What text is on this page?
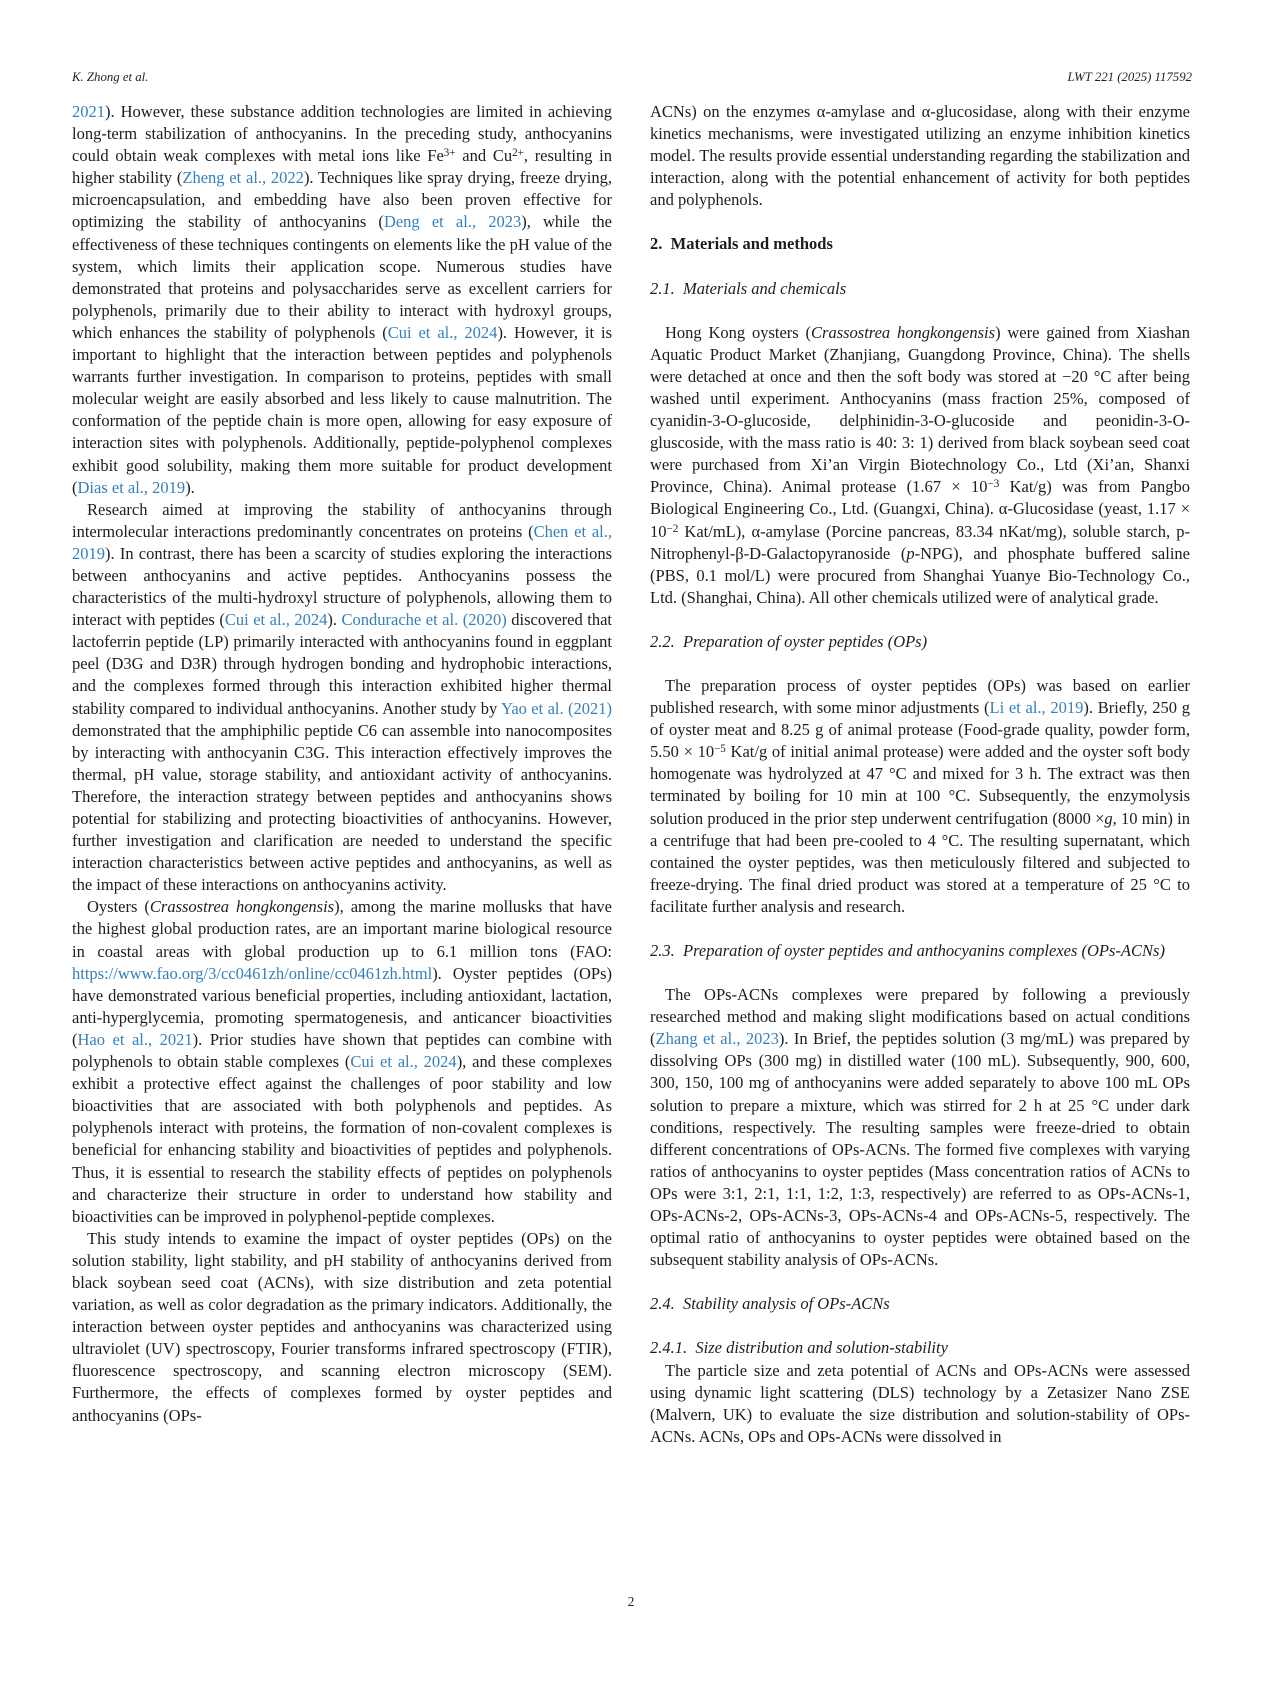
K. Zhong et al.	LWT 221 (2025) 117592
2021). However, these substance addition technologies are limited in achieving long-term stabilization of anthocyanins. In the preceding study, anthocyanins could obtain weak complexes with metal ions like $Fe^{3+}$ and $Cu^{2+}$, resulting in higher stability (Zheng et al., 2022). Techniques like spray drying, freeze drying, microencapsulation, and embedding have also been proven effective for optimizing the stability of anthocyanins (Deng et al., 2023), while the effectiveness of these techniques contingents on elements like the pH value of the system, which limits their application scope. Numerous studies have demonstrated that proteins and polysaccharides serve as excellent carriers for polyphenols, primarily due to their ability to interact with hydroxyl groups, which enhances the stability of polyphenols (Cui et al., 2024). However, it is important to highlight that the interaction between peptides and polyphenols warrants further investigation. In comparison to proteins, peptides with small molecular weight are easily absorbed and less likely to cause malnutrition. The conformation of the peptide chain is more open, allowing for easy exposure of interaction sites with polyphenols. Additionally, peptide-polyphenol complexes exhibit good solubility, making them more suitable for product development (Dias et al., 2019).
Research aimed at improving the stability of anthocyanins through intermolecular interactions predominantly concentrates on proteins (Chen et al., 2019). In contrast, there has been a scarcity of studies exploring the interactions between anthocyanins and active peptides. Anthocyanins possess the characteristics of the multi-hydroxyl structure of polyphenols, allowing them to interact with peptides (Cui et al., 2024). Condurache et al. (2020) discovered that lactoferrin peptide (LP) primarily interacted with anthocyanins found in eggplant peel (D3G and D3R) through hydrogen bonding and hydrophobic interactions, and the complexes formed through this interaction exhibited higher thermal stability compared to individual anthocyanins. Another study by Yao et al. (2021) demonstrated that the amphiphilic peptide C6 can assemble into nanocomposites by interacting with anthocyanin C3G. This interaction effectively improves the thermal, pH value, storage stability, and antioxidant activity of anthocyanins. Therefore, the interaction strategy between peptides and anthocyanins shows potential for stabilizing and protecting bioactivities of anthocyanins. However, further investigation and clarification are needed to understand the specific interaction characteristics between active peptides and anthocyanins, as well as the impact of these interactions on anthocyanins activity.
Oysters (Crassostrea hongkongensis), among the marine mollusks that have the highest global production rates, are an important marine biological resource in coastal areas with global production up to 6.1 million tons (FAO: https://www.fao.org/3/cc0461zh/online/cc0461zh.html). Oyster peptides (OPs) have demonstrated various beneficial properties, including antioxidant, lactation, anti-hyperglycemia, promoting spermatogenesis, and anticancer bioactivities (Hao et al., 2021). Prior studies have shown that peptides can combine with polyphenols to obtain stable complexes (Cui et al., 2024), and these complexes exhibit a protective effect against the challenges of poor stability and low bioactivities that are associated with both polyphenols and peptides. As polyphenols interact with proteins, the formation of non-covalent complexes is beneficial for enhancing stability and bioactivities of peptides and polyphenols. Thus, it is essential to research the stability effects of peptides on polyphenols and characterize their structure in order to understand how stability and bioactivities can be improved in polyphenol-peptide complexes.
This study intends to examine the impact of oyster peptides (OPs) on the solution stability, light stability, and pH stability of anthocyanins derived from black soybean seed coat (ACNs), with size distribution and zeta potential variation, as well as color degradation as the primary indicators. Additionally, the interaction between oyster peptides and anthocyanins was characterized using ultraviolet (UV) spectroscopy, Fourier transforms infrared spectroscopy (FTIR), fluorescence spectroscopy, and scanning electron microscopy (SEM). Furthermore, the effects of complexes formed by oyster peptides and anthocyanins (OPs-
ACNs) on the enzymes α-amylase and α-glucosidase, along with their enzyme kinetics mechanisms, were investigated utilizing an enzyme inhibition kinetics model. The results provide essential understanding regarding the stabilization and interaction, along with the potential enhancement of activity for both peptides and polyphenols.
2. Materials and methods
2.1. Materials and chemicals
Hong Kong oysters (Crassostrea hongkongensis) were gained from Xiashan Aquatic Product Market (Zhanjiang, Guangdong Province, China). The shells were detached at once and then the soft body was stored at −20 °C after being washed until experiment. Anthocyanins (mass fraction 25%, composed of cyanidin-3-O-glucoside, delphinidin-3-O-glucoside and peonidin-3-O-gluscoside, with the mass ratio is 40: 3: 1) derived from black soybean seed coat were purchased from Xi’an Virgin Biotechnology Co., Ltd (Xi’an, Shanxi Province, China). Animal protease ($1.67 \times 10^{-3}$ Kat/g) was from Pangbo Biological Engineering Co., Ltd. (Guangxi, China). α-Glucosidase (yeast, $1.17 \times 10^{-2}$ Kat/mL), α-amylase (Porcine pancreas, 83.34 nKat/mg), soluble starch, p-Nitrophenyl-β-D-Galactopyranoside (p-NPG), and phosphate buffered saline (PBS, 0.1 mol/L) were procured from Shanghai Yuanye Bio-Technology Co., Ltd. (Shanghai, China). All other chemicals utilized were of analytical grade.
2.2. Preparation of oyster peptides (OPs)
The preparation process of oyster peptides (OPs) was based on earlier published research, with some minor adjustments (Li et al., 2019). Briefly, 250 g of oyster meat and 8.25 g of animal protease (Food-grade quality, powder form, $5.50 \times 10^{-5}$ Kat/g of initial animal protease) were added and the oyster soft body homogenate was hydrolyzed at 47 °C and mixed for 3 h. The extract was then terminated by boiling for 10 min at 100 °C. Subsequently, the enzymolysis solution produced in the prior step underwent centrifugation (8000 ×g, 10 min) in a centrifuge that had been pre-cooled to 4 °C. The resulting supernatant, which contained the oyster peptides, was then meticulously filtered and subjected to freeze-drying. The final dried product was stored at a temperature of 25 °C to facilitate further analysis and research.
2.3. Preparation of oyster peptides and anthocyanins complexes (OPs-ACNs)
The OPs-ACNs complexes were prepared by following a previously researched method and making slight modifications based on actual conditions (Zhang et al., 2023). In Brief, the peptides solution (3 mg/mL) was prepared by dissolving OPs (300 mg) in distilled water (100 mL). Subsequently, 900, 600, 300, 150, 100 mg of anthocyanins were added separately to above 100 mL OPs solution to prepare a mixture, which was stirred for 2 h at 25 °C under dark conditions, respectively. The resulting samples were freeze-dried to obtain different concentrations of OPs-ACNs. The formed five complexes with varying ratios of anthocyanins to oyster peptides (Mass concentration ratios of ACNs to OPs were 3:1, 2:1, 1:1, 1:2, 1:3, respectively) are referred to as OPs-ACNs-1, OPs-ACNs-2, OPs-ACNs-3, OPs-ACNs-4 and OPs-ACNs-5, respectively. The optimal ratio of anthocyanins to oyster peptides were obtained based on the subsequent stability analysis of OPs-ACNs.
2.4. Stability analysis of OPs-ACNs
2.4.1. Size distribution and solution-stability
The particle size and zeta potential of ACNs and OPs-ACNs were assessed using dynamic light scattering (DLS) technology by a Zetasizer Nano ZSE (Malvern, UK) to evaluate the size distribution and solution-stability of OPs-ACNs. ACNs, OPs and OPs-ACNs were dissolved in
2
